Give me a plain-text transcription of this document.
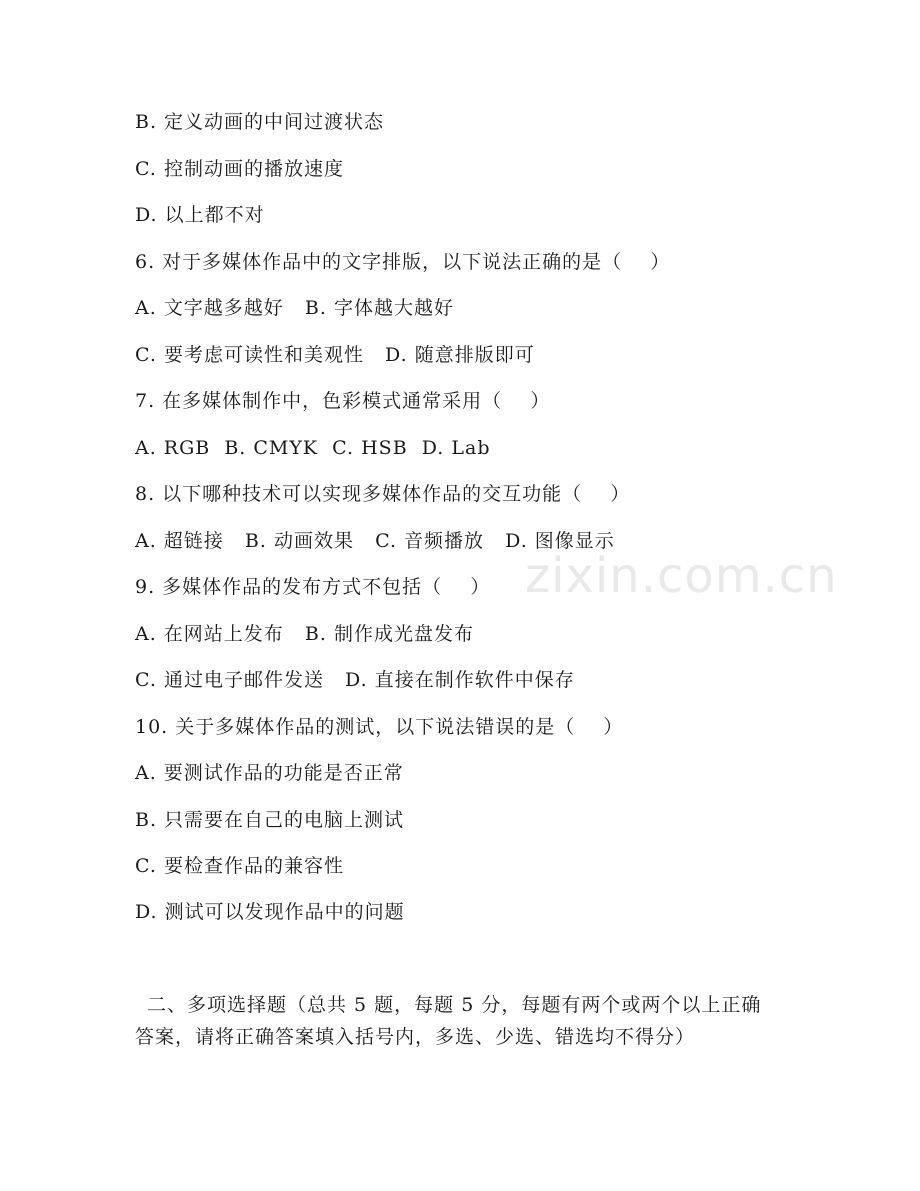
B. 定义动画的中间过渡状态
C. 控制动画的播放速度
D. 以上都不对
6. 对于多媒体作品中的文字排版，以下说法正确的是（    ）
A. 文字越多越好   B. 字体越大越好
C. 要考虑可读性和美观性   D. 随意排版即可
7. 在多媒体制作中，色彩模式通常采用（    ）
A. RGB  B. CMYK  C. HSB  D. Lab
8. 以下哪种技术可以实现多媒体作品的交互功能（    ）
A. 超链接   B. 动画效果   C. 音频播放   D. 图像显示
9. 多媒体作品的发布方式不包括（    ）
A. 在网站上发布   B. 制作成光盘发布
C. 通过电子邮件发送   D. 直接在制作软件中保存
10. 关于多媒体作品的测试，以下说法错误的是（    ）
A. 要测试作品的功能是否正常
B. 只需要在自己的电脑上测试
C. 要检查作品的兼容性
D. 测试可以发现作品中的问题
二、多项选择题（总共 5 题，每题 5 分，每题有两个或两个以上正确
答案，请将正确答案填入括号内，多选、少选、错选均不得分）
zixin.com.cn
